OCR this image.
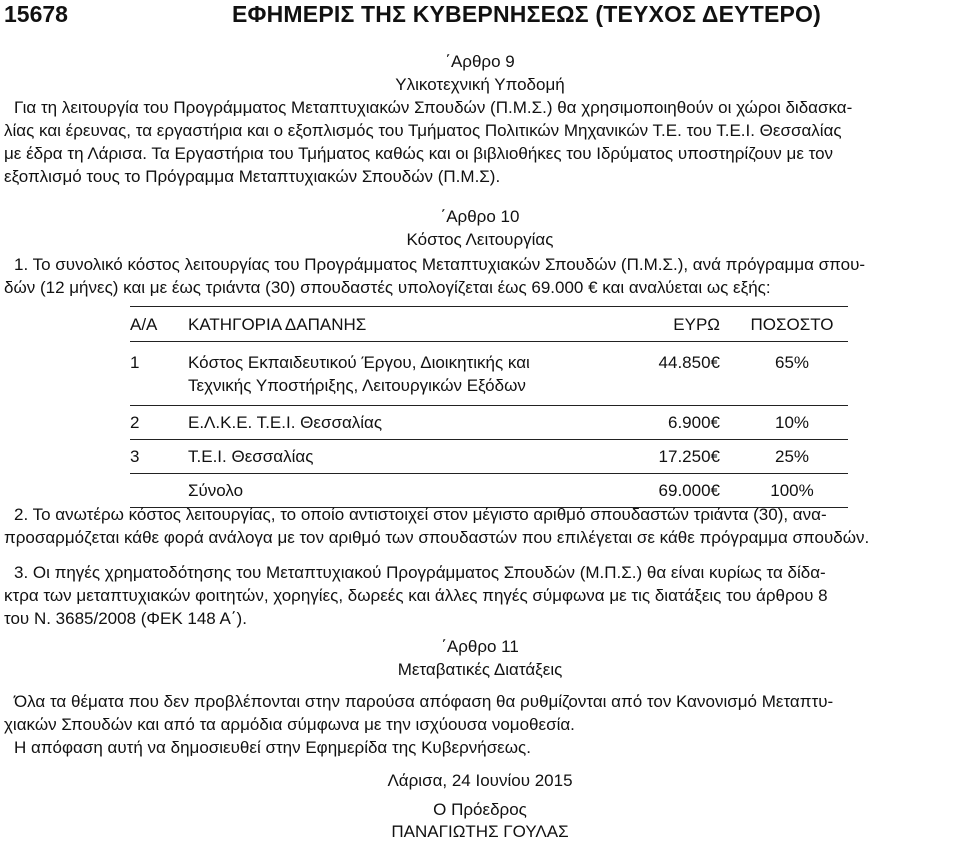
15678	ΕΦΗΜΕΡΙΣ ΤΗΣ ΚΥΒΕΡΝΗΣΕΩΣ (ΤΕΥΧΟΣ ΔΕΥΤΕΡΟ)
΄Αρθρο 9
Υλικοτεχνική Υποδομή

Για τη λειτουργία του Προγράμματος Μεταπτυχιακών Σπουδών (Π.Μ.Σ.) θα χρησιμοποιηθούν οι χώροι διδασκα-

λίας και έρευνας, τα εργαστήρια και ο εξοπλισμός του Τμήματος Πολιτικών Μηχανικών Τ.Ε. του Τ.Ε.Ι. Θεσσαλίας

με έδρα τη Λάρισα. Τα Εργαστήρια του Τμήματος καθώς και οι βιβλιοθήκες του Ιδρύματος υποστηρίζουν με τον

εξοπλισμό τους το Πρόγραμμα Μεταπτυχιακών Σπουδών (Π.Μ.Σ).

΄Αρθρο 10
Κόστος Λειτουργίας

1. Το συνολικό κόστος λειτουργίας του Προγράμματος Μεταπτυχιακών Σπουδών (Π.Μ.Σ.), ανά πρόγραμμα σπου-

δών (12 μήνες) και με έως τριάντα (30) σπουδαστές υπολογίζεται έως 69.000 € και αναλύεται ως εξής:

Α/Α	ΚΑΤΗΓΟΡΙΑ ΔΑΠΑΝΗΣ	ΕΥΡΩ	ΠΟΣΟΣΤΟ
1	Κόστος Εκπαιδευτικού Έργου, Διοικητικής και
Τεχνικής Υποστήριξης, Λειτουργικών Εξόδων	44.850€	65%
2	Ε.Λ.Κ.Ε. Τ.Ε.Ι. Θεσσαλίας	6.900€	10%
3	Τ.Ε.Ι. Θεσσαλίας	17.250€	25%
	Σύνολο	69.000€	100%

2. Το ανωτέρω κόστος λειτουργίας, το οποίο αντιστοιχεί στον μέγιστο αριθμό σπουδαστών τριάντα (30), ανα-

προσαρμόζεται κάθε φορά ανάλογα με τον αριθμό των σπουδαστών που επιλέγεται σε κάθε πρόγραμμα σπουδών.

3. Οι πηγές χρηματοδότησης του Μεταπτυχιακού Προγράμματος Σπουδών (Μ.Π.Σ.) θα είναι κυρίως τα δίδα-

κτρα των μεταπτυχιακών φοιτητών, χορηγίες, δωρεές και άλλες πηγές σύμφωνα με τις διατάξεις του άρθρου 8

του Ν. 3685/2008 (ΦΕΚ 148 Α΄).

΄Αρθρο 11
Μεταβατικές Διατάξεις

Όλα τα θέματα που δεν προβλέπονται στην παρούσα απόφαση θα ρυθμίζονται από τον Κανονισμό Μεταπτυ-

χιακών Σπουδών και από τα αρμόδια σύμφωνα με την ισχύουσα νομοθεσία.

Η απόφαση αυτή να δημοσιευθεί στην Εφημερίδα της Κυβερνήσεως.

Λάρισα, 24 Ιουνίου 2015
Ο Πρόεδρος
ΠΑΝΑΓΙΩΤΗΣ ΓΟΥΛΑΣ
